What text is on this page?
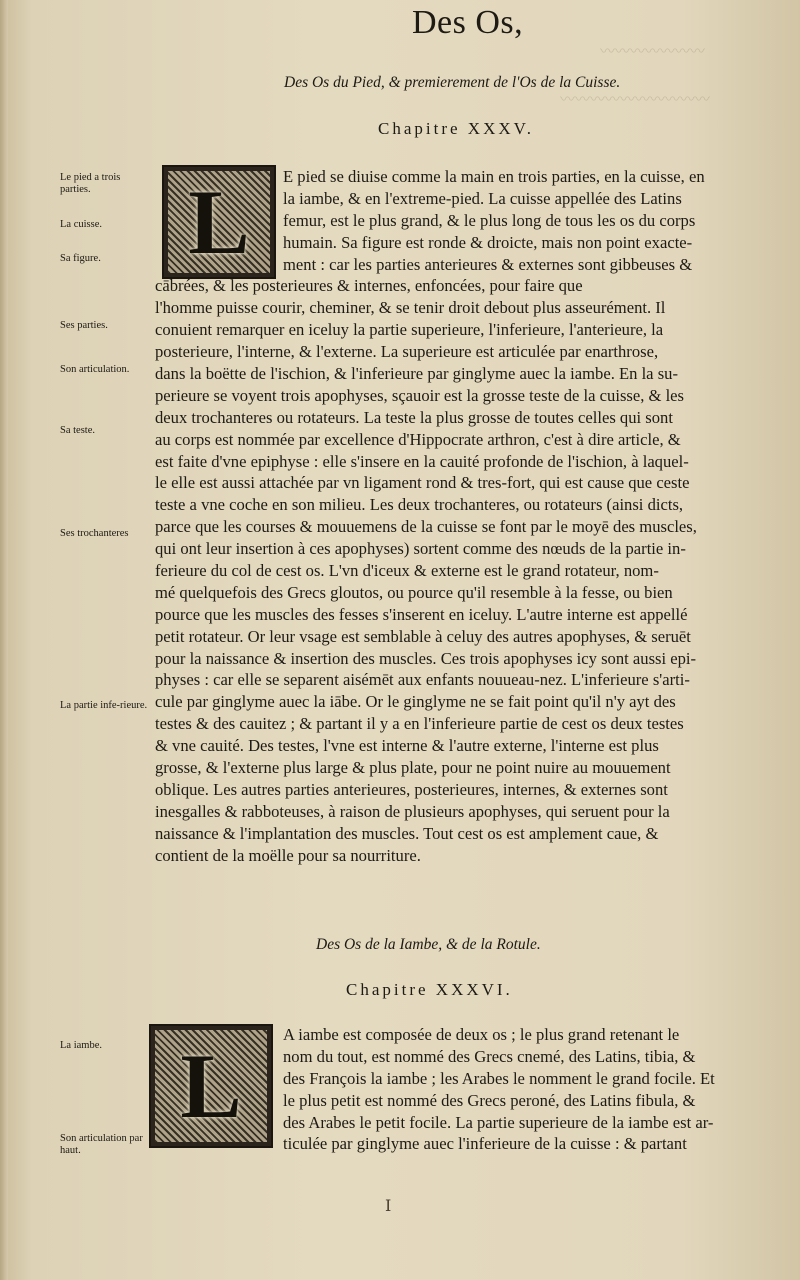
〰〰〰〰〰〰〰
〰〰〰〰〰〰〰〰〰〰
Des Os,
Des Os du Pied, & premierement de l'Os de la Cuisse.
Chapitre XXXV.
L	E pied se diuise comme la main en trois parties, en la cuisse, en
la iambe, & en l'extreme-pied. La cuisse appellée des Latins
femur, est le plus grand, & le plus long de tous les os du corps
humain. Sa figure est ronde & droicte, mais non point exacte-
ment : car les parties anterieures & externes sont gibbeuses &
cābrées, & les posterieures & internes, enfoncées, pour faire que
l'homme puisse courir, cheminer, & se tenir droit debout plus asseurément. Il
conuient remarquer en iceluy la partie superieure, l'inferieure, l'anterieure, la
posterieure, l'interne, & l'externe. La superieure est articulée par enarthrose,
dans la boëtte de l'ischion, & l'inferieure par ginglyme auec la iambe. En la su-
perieure se voyent trois apophyses, sçauoir est la grosse teste de la cuisse, & les
deux trochanteres ou rotateurs. La teste la plus grosse de toutes celles qui sont
au corps est nommée par excellence d'Hippocrate arthron, c'est à dire article, &
est faite d'vne epiphyse : elle s'insere en la cauité profonde de l'ischion, à laquel-
le elle est aussi attachée par vn ligament rond & tres-fort, qui est cause que ceste
teste a vne coche en son milieu. Les deux trochanteres, ou rotateurs (ainsi dicts,
parce que les courses & mouuemens de la cuisse se font par le moyē des muscles,
qui ont leur insertion à ces apophyses) sortent comme des nœuds de la partie in-
ferieure du col de cest os. L'vn d'iceux & externe est le grand rotateur, nom-
mé quelquefois des Grecs gloutos, ou pource qu'il resemble à la fesse, ou bien
pource que les muscles des fesses s'inserent en iceluy. L'autre interne est appellé
petit rotateur. Or leur vsage est semblable à celuy des autres apophyses, & seruēt
pour la naissance & insertion des muscles. Ces trois apophyses icy sont aussi epi-
physes : car elle se separent aisémēt aux enfants nouueau-nez. L'inferieure s'arti-
cule par ginglyme auec la iābe. Or le ginglyme ne se fait point qu'il n'y ayt des
testes & des cauitez ; & partant il y a en l'inferieure partie de cest os deux testes
& vne cauité. Des testes, l'vne est interne & l'autre externe, l'interne est plus
grosse, & l'externe plus large & plus plate, pour ne point nuire au mouuement
oblique. Les autres parties anterieures, posterieures, internes, & externes sont
inesgalles & rabboteuses, à raison de plusieurs apophyses, qui seruent pour la
naissance & l'implantation des muscles. Tout cest os est amplement caue, &
contient de la moëlle pour sa nourriture.
Des Os de la Iambe, & de la Rotule.
Chapitre XXXVI.
L
A iambe est composée de deux os ; le plus grand retenant le
nom du tout, est nommé des Grecs cnemé, des Latins, tibia, &
des François la iambe ; les Arabes le nomment le grand focile. Et
le plus petit est nommé des Grecs peroné, des Latins fibula, &
des Arabes le petit focile. La partie superieure de la iambe est ar-
ticulée par ginglyme auec l'inferieure de la cuisse : & partant
Le pied a trois parties.
La cuisse.
Sa figure.
Ses parties.
Son articulation.
Sa teste.
Ses trochanteres
La partie infe-rieure.
La iambe.
Son articulation par haut.
I
